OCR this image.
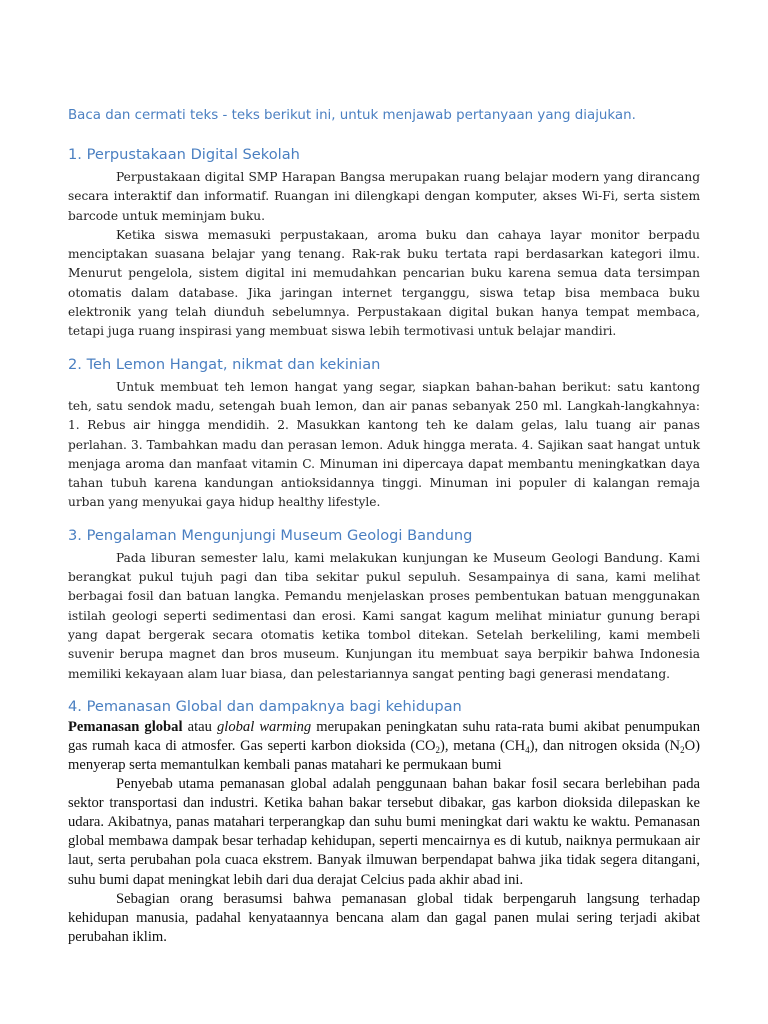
Baca dan cermati teks - teks berikut ini, untuk menjawab pertanyaan yang diajukan.
1. Perpustakaan Digital Sekolah

Perpustakaan digital SMP Harapan Bangsa merupakan ruang belajar modern yang dirancang secara interaktif dan informatif. Ruangan ini dilengkapi dengan komputer, akses Wi-Fi, serta sistem barcode untuk meminjam buku.

Ketika siswa memasuki perpustakaan, aroma buku dan cahaya layar monitor berpadu menciptakan suasana belajar yang tenang. Rak-rak buku tertata rapi berdasarkan kategori ilmu. Menurut pengelola, sistem digital ini memudahkan pencarian buku karena semua data tersimpan otomatis dalam database. Jika jaringan internet terganggu, siswa tetap bisa membaca buku elektronik yang telah diunduh sebelumnya. Perpustakaan digital bukan hanya tempat membaca, tetapi juga ruang inspirasi yang membuat siswa lebih termotivasi untuk belajar mandiri.

2. Teh Lemon Hangat, nikmat dan kekinian

Untuk membuat teh lemon hangat yang segar, siapkan bahan-bahan berikut: satu kantong teh, satu sendok madu, setengah buah lemon, dan air panas sebanyak 250 ml. Langkah-langkahnya: 1. Rebus air hingga mendidih. 2. Masukkan kantong teh ke dalam gelas, lalu tuang air panas perlahan. 3. Tambahkan madu dan perasan lemon. Aduk hingga merata. 4. Sajikan saat hangat untuk menjaga aroma dan manfaat vitamin C. Minuman ini dipercaya dapat membantu meningkatkan daya tahan tubuh karena kandungan antioksidannya tinggi. Minuman ini populer di kalangan remaja urban yang menyukai gaya hidup healthy lifestyle.

3. Pengalaman Mengunjungi Museum Geologi Bandung

Pada liburan semester lalu, kami melakukan kunjungan ke Museum Geologi Bandung. Kami berangkat pukul tujuh pagi dan tiba sekitar pukul sepuluh. Sesampainya di sana, kami melihat berbagai fosil dan batuan langka. Pemandu menjelaskan proses pembentukan batuan menggunakan istilah geologi seperti sedimentasi dan erosi. Kami sangat kagum melihat miniatur gunung berapi yang dapat bergerak secara otomatis ketika tombol ditekan. Setelah berkeliling, kami membeli suvenir berupa magnet dan bros museum. Kunjungan itu membuat saya berpikir bahwa Indonesia memiliki kekayaan alam luar biasa, dan pelestariannya sangat penting bagi generasi mendatang.

4. Pemanasan Global dan dampaknya bagi kehidupan

Pemanasan global atau global warming merupakan peningkatan suhu rata-rata bumi akibat penumpukan gas rumah kaca di atmosfer. Gas seperti karbon dioksida $(CO_2)$, metana $(CH_4)$, dan nitrogen oksida $(N_2O)$ menyerap serta memantulkan kembali panas matahari ke permukaan bumi

Penyebab utama pemanasan global adalah penggunaan bahan bakar fosil secara berlebihan pada sektor transportasi dan industri. Ketika bahan bakar tersebut dibakar, gas karbon dioksida dilepaskan ke udara. Akibatnya, panas matahari terperangkap dan suhu bumi meningkat dari waktu ke waktu. Pemanasan global membawa dampak besar terhadap kehidupan, seperti mencairnya es di kutub, naiknya permukaan air laut, serta perubahan pola cuaca ekstrem. Banyak ilmuwan berpendapat bahwa jika tidak segera ditangani, suhu bumi dapat meningkat lebih dari dua derajat Celcius pada akhir abad ini.

Sebagian orang berasumsi bahwa pemanasan global tidak berpengaruh langsung terhadap kehidupan manusia, padahal kenyataannya bencana alam dan gagal panen mulai sering terjadi akibat perubahan iklim.
